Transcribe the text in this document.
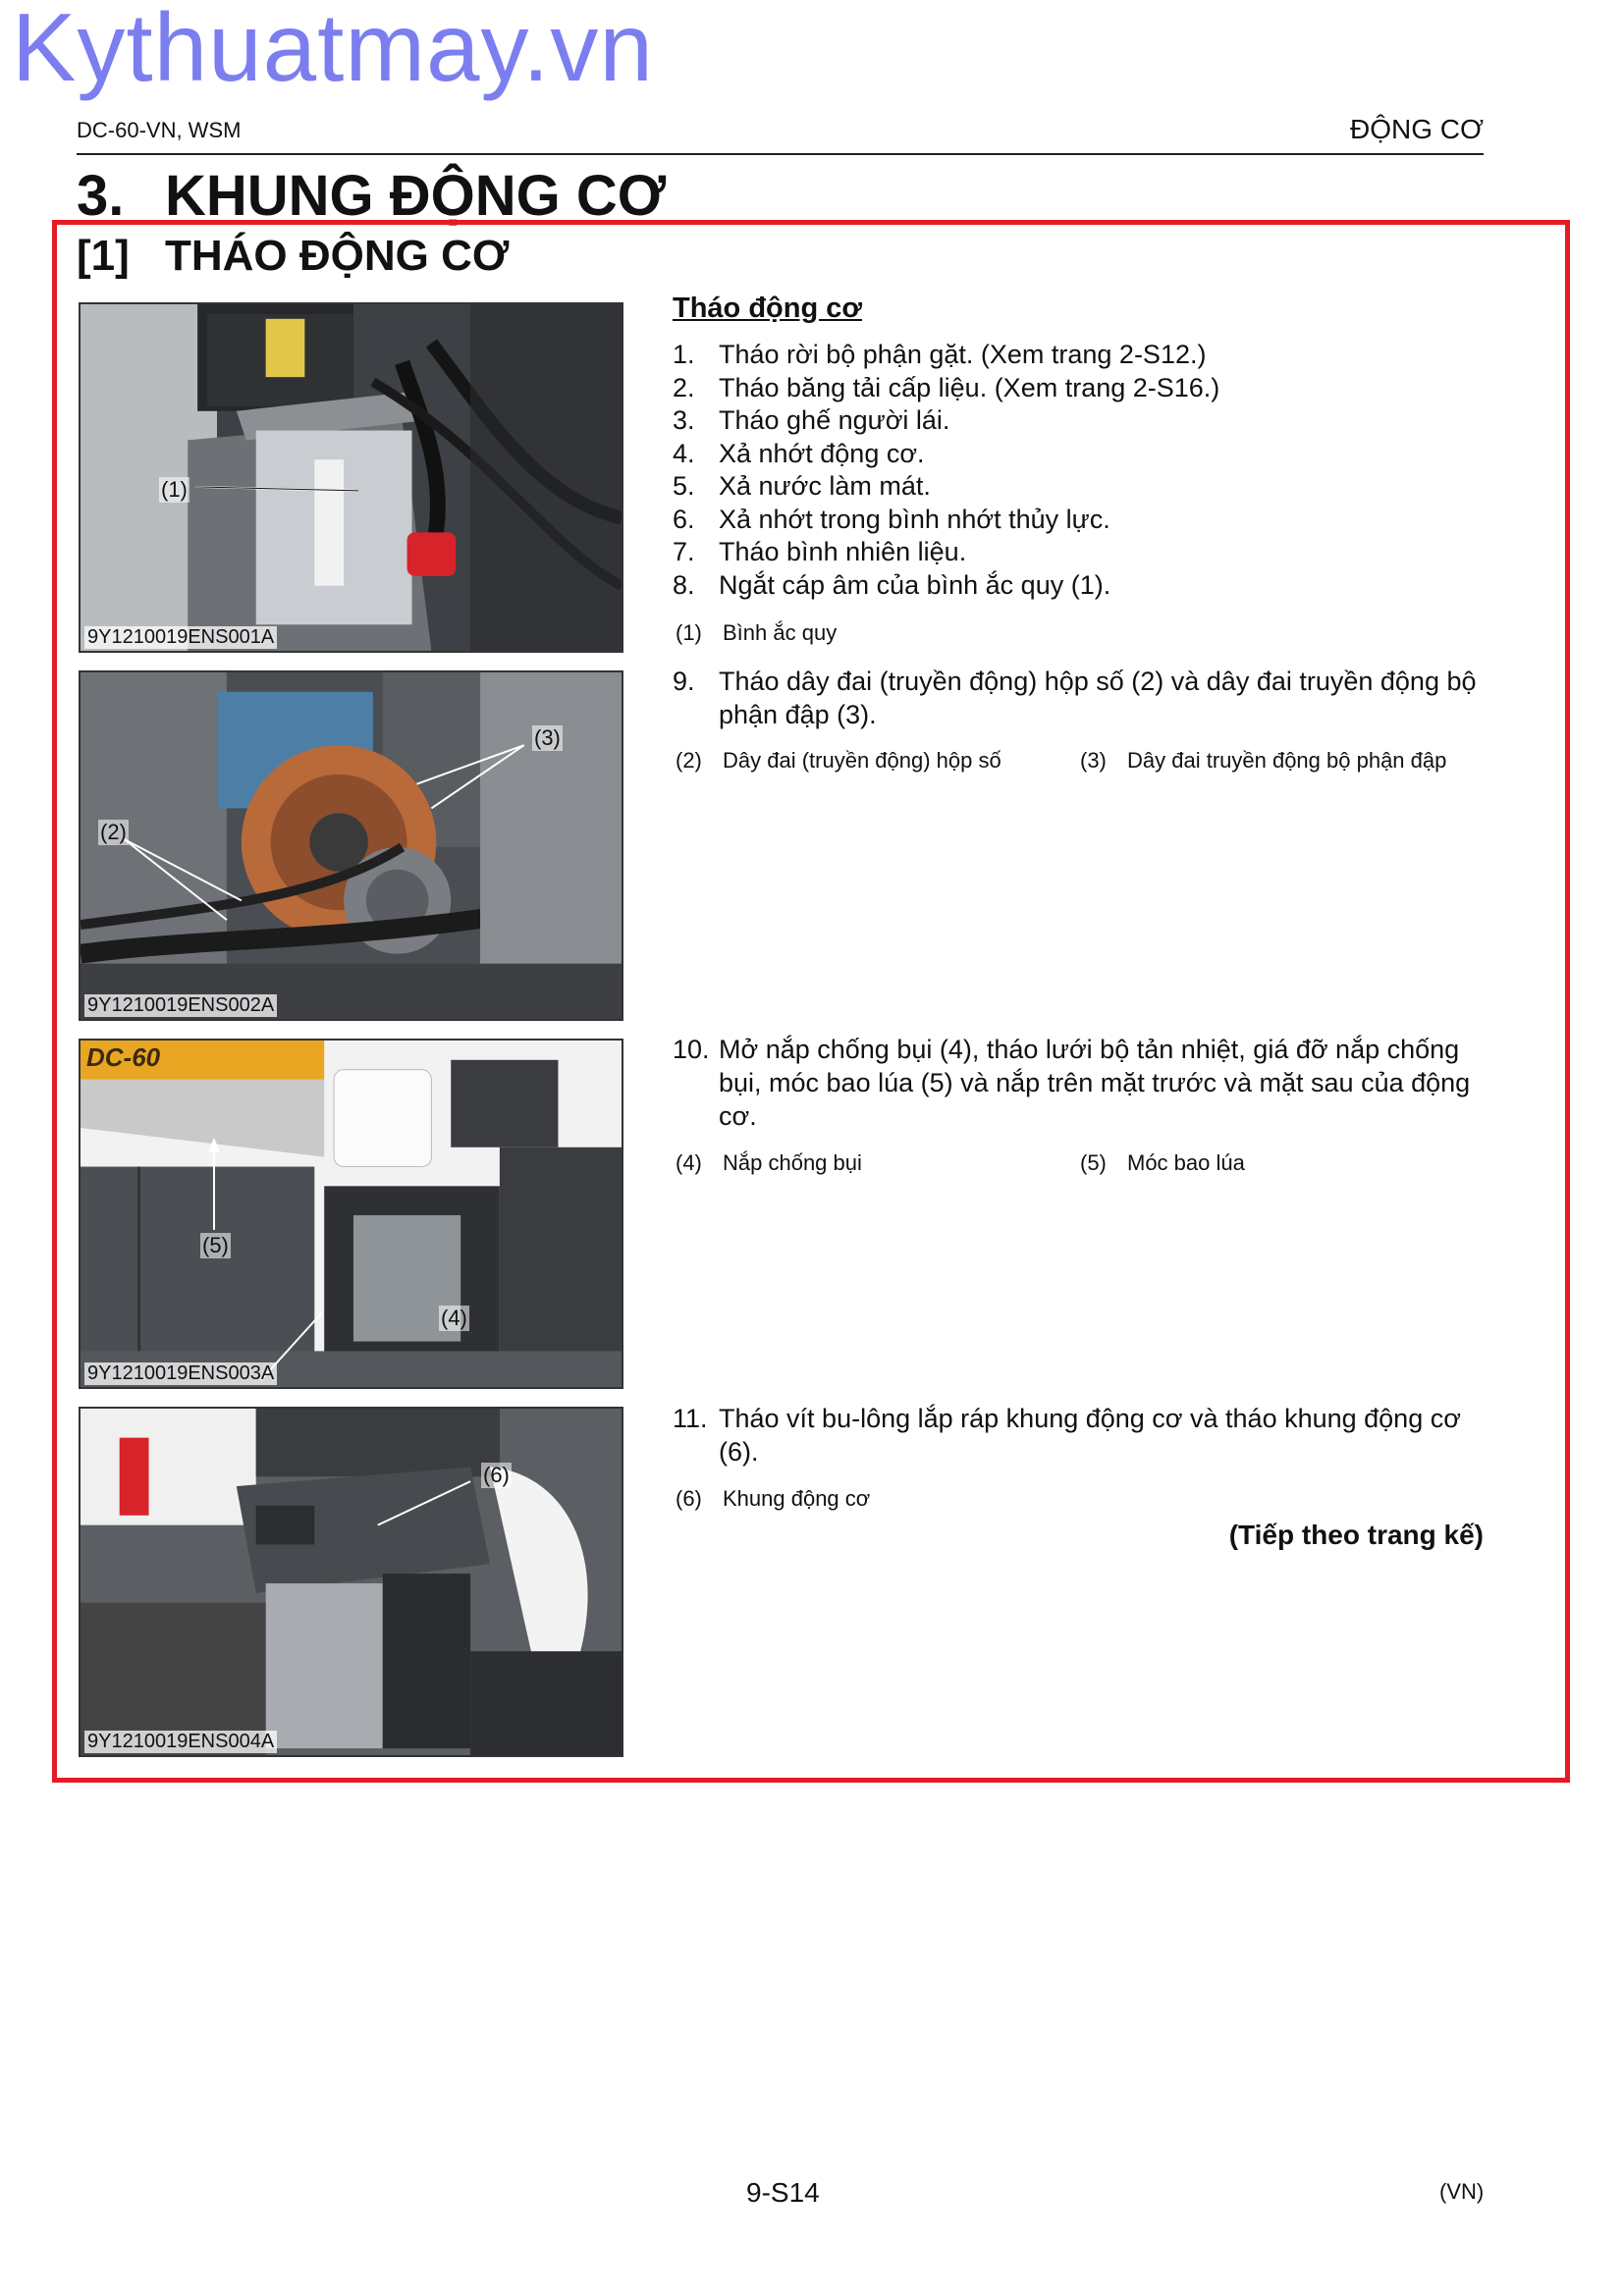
Kythuatmay.vn
DC-60-VN, WSM	ĐỘNG CƠ
3. KHUNG ĐỘNG CƠ
[1] THÁO ĐỘNG CƠ
(1)
9Y1210019ENS001A
(3)
(2)
9Y1210019ENS002A
DC-60
(5)
(4)
9Y1210019ENS003A
(6)
9Y1210019ENS004A
Tháo động cơ
1. Tháo rời bộ phận gặt. (Xem trang 2-S12.)
2. Tháo băng tải cấp liệu. (Xem trang 2-S16.)
3. Tháo ghế người lái.
4. Xả nhớt động cơ.
5. Xả nước làm mát.
6. Xả nhớt trong bình nhớt thủy lực.
7. Tháo bình nhiên liệu.
8. Ngắt cáp âm của bình ắc quy (1).
(1) Bình ắc quy
9. Tháo dây đai (truyền động) hộp số (2) và dây đai truyền động bộ phận đập (3).
(2) Dây đai (truyền động) hộp số	(3) Dây đai truyền động bộ phận đập
10. Mở nắp chống bụi (4), tháo lưới bộ tản nhiệt, giá đỡ nắp chống bụi, móc bao lúa (5) và nắp trên mặt trước và mặt sau của động cơ.
(4) Nắp chống bụi	(5) Móc bao lúa
11. Tháo vít bu-lông lắp ráp khung động cơ và tháo khung động cơ (6).
(6) Khung động cơ
(Tiếp theo trang kế)
9-S14	(VN)
